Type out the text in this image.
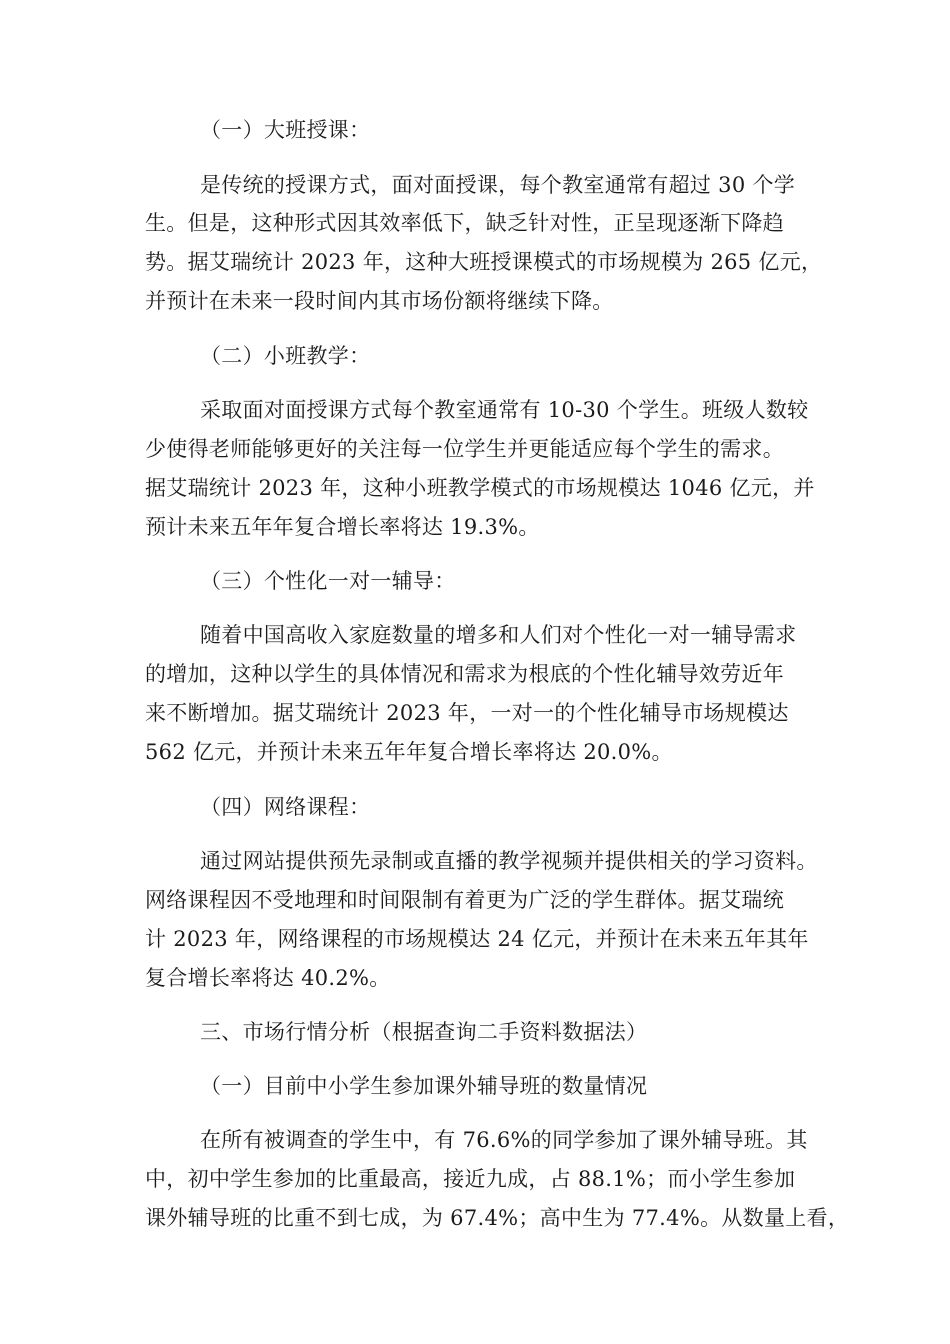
（一）大班授课：
是传统的授课方式，面对面授课，每个教室通常有超过 30 个学
生。但是，这种形式因其效率低下，缺乏针对性，正呈现逐渐下降趋
势。据艾瑞统计 2023 年，这种大班授课模式的市场规模为 265 亿元，
并预计在未来一段时间内其市场份额将继续下降。
（二）小班教学：
采取面对面授课方式每个教室通常有 10-30 个学生。班级人数较
少使得老师能够更好的关注每一位学生并更能适应每个学生的需求。
据艾瑞统计 2023 年，这种小班教学模式的市场规模达 1046 亿元，并
预计未来五年年复合增长率将达 19.3%。
（三）个性化一对一辅导：
随着中国高收入家庭数量的增多和人们对个性化一对一辅导需求
的增加，这种以学生的具体情况和需求为根底的个性化辅导效劳近年
来不断增加。据艾瑞统计 2023 年，一对一的个性化辅导市场规模达
562 亿元，并预计未来五年年复合增长率将达 20.0%。
（四）网络课程：
通过网站提供预先录制或直播的教学视频并提供相关的学习资料。
网络课程因不受地理和时间限制有着更为广泛的学生群体。据艾瑞统
计 2023 年，网络课程的市场规模达 24 亿元，并预计在未来五年其年
复合增长率将达 40.2%。
三、市场行情分析（根据查询二手资料数据法）
（一）目前中小学生参加课外辅导班的数量情况
在所有被调查的学生中，有 76.6%的同学参加了课外辅导班。其
中，初中学生参加的比重最高，接近九成，占 88.1%；而小学生参加
课外辅导班的比重不到七成，为 67.4%；高中生为 77.4%。从数量上看，
